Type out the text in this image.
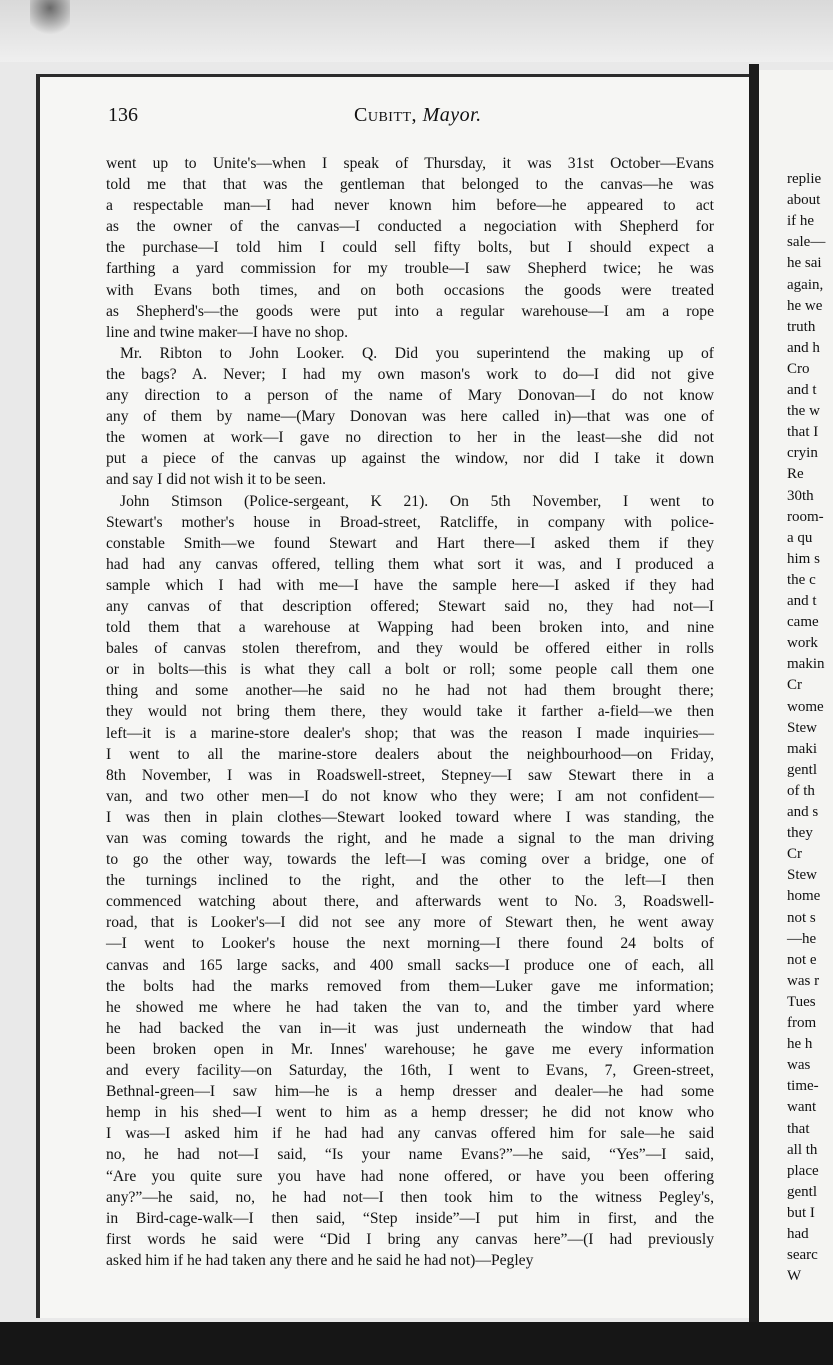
136	Cubitt, Mayor.
went up to Unite's—when I speak of Thursday, it was 31st October—Evans
told me that that was the gentleman that belonged to the canvas—he was
a respectable man—I had never known him before—he appeared to act
as the owner of the canvas—I conducted a negociation with Shepherd for
the purchase—I told him I could sell fifty bolts, but I should expect a
farthing a yard commission for my trouble—I saw Shepherd twice; he was
with Evans both times, and on both occasions the goods were treated
as Shepherd's—the goods were put into a regular warehouse—I am a rope
line and twine maker—I have no shop.
Mr. Ribton to John Looker. Q. Did you superintend the making up of
the bags? A. Never; I had my own mason's work to do—I did not give
any direction to a person of the name of Mary Donovan—I do not know
any of them by name—(Mary Donovan was here called in)—that was one of
the women at work—I gave no direction to her in the least—she did not
put a piece of the canvas up against the window, nor did I take it down
and say I did not wish it to be seen.
John Stimson (Police-sergeant, K 21). On 5th November, I went to
Stewart's mother's house in Broad-street, Ratcliffe, in company with police-
constable Smith—we found Stewart and Hart there—I asked them if they
had had any canvas offered, telling them what sort it was, and I produced a
sample which I had with me—I have the sample here—I asked if they had
any canvas of that description offered; Stewart said no, they had not—I
told them that a warehouse at Wapping had been broken into, and nine
bales of canvas stolen therefrom, and they would be offered either in rolls
or in bolts—this is what they call a bolt or roll; some people call them one
thing and some another—he said no he had not had them brought there;
they would not bring them there, they would take it farther a-field—we then
left—it is a marine-store dealer's shop; that was the reason I made inquiries—
I went to all the marine-store dealers about the neighbourhood—on Friday,
8th November, I was in Roadswell-street, Stepney—I saw Stewart there in a
van, and two other men—I do not know who they were; I am not confident—
I was then in plain clothes—Stewart looked toward where I was standing, the
van was coming towards the right, and he made a signal to the man driving
to go the other way, towards the left—I was coming over a bridge, one of
the turnings inclined to the right, and the other to the left—I then
commenced watching about there, and afterwards went to No. 3, Roadswell-
road, that is Looker's—I did not see any more of Stewart then, he went away
—I went to Looker's house the next morning—I there found 24 bolts of
canvas and 165 large sacks, and 400 small sacks—I produce one of each, all
the bolts had the marks removed from them—Luker gave me information;
he showed me where he had taken the van to, and the timber yard where
he had backed the van in—it was just underneath the window that had
been broken open in Mr. Innes' warehouse; he gave me every information
and every facility—on Saturday, the 16th, I went to Evans, 7, Green-street,
Bethnal-green—I saw him—he is a hemp dresser and dealer—he had some
hemp in his shed—I went to him as a hemp dresser; he did not know who
I was—I asked him if he had had any canvas offered him for sale—he said
no, he had not—I said, “Is your name Evans?”—he said, “Yes”—I said,
“Are you quite sure you have had none offered, or have you been offering
any?”—he said, no, he had not—I then took him to the witness Pegley's,
in Bird-cage-walk—I then said, “Step inside”—I put him in first, and the
first words he said were “Did I bring any canvas here”—(I had previously
asked him if he had taken any there and he said he had not)—Pegley
replie
about
if he
sale—
he sai
again,
he we
truth
and h
Cro
and t
the w
that I
cryin
Re
30th
room-
a qu
him s
the c
and t
came
work
makin
Cr
wome
Stew
maki
gentl
of th
and s
they
Cr
Stew
home
not s
—he
not e
was r
Tues
from
he h
was
time-
want
that
all th
place
gentl
but I
had
searc
W
